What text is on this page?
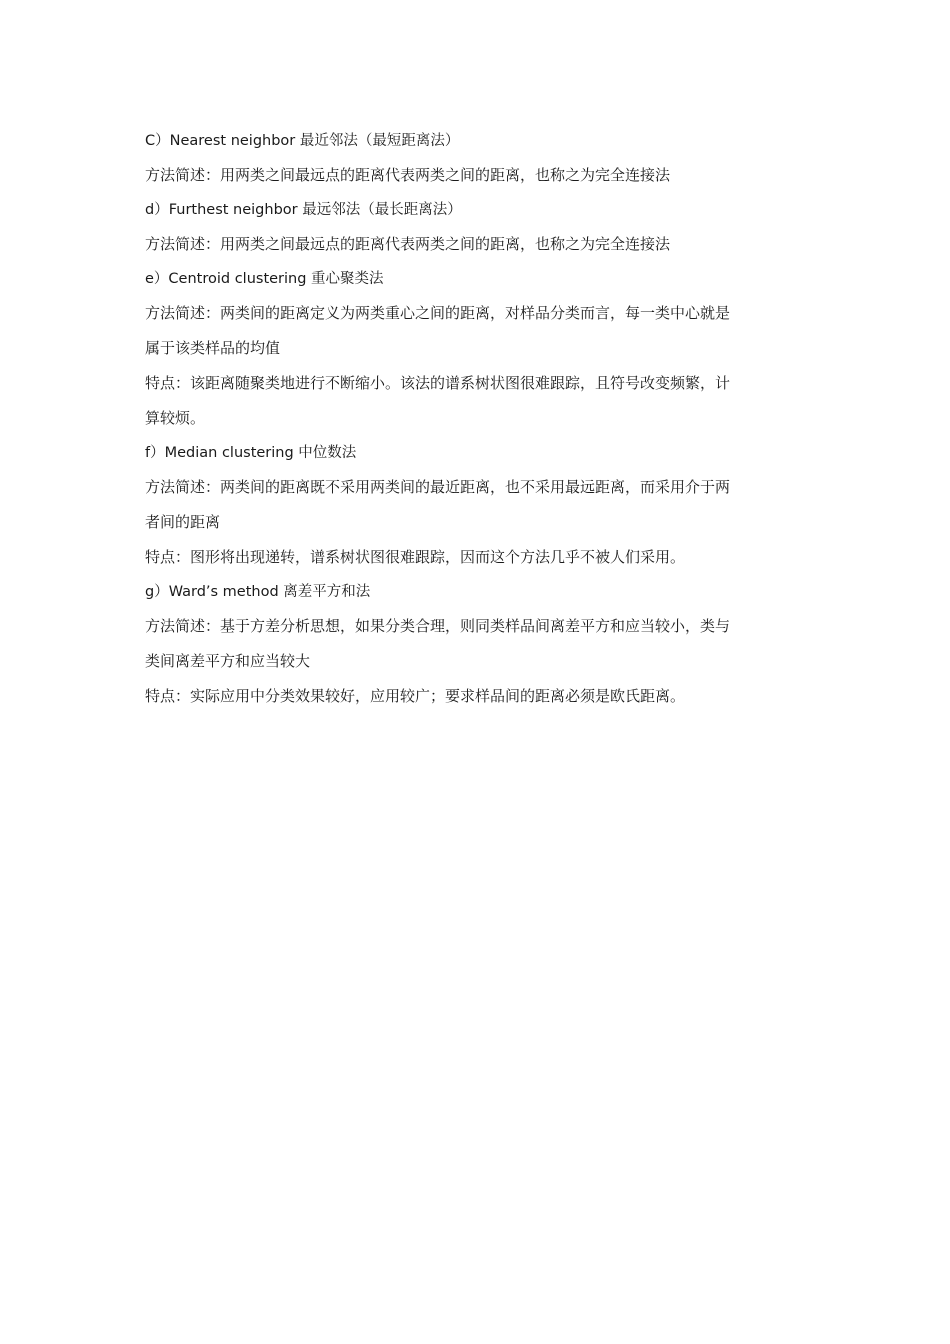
C）Nearest neighbor 最近邻法（最短距离法）

方法简述：用两类之间最远点的距离代表两类之间的距离，也称之为完全连接法

d）Furthest neighbor 最远邻法（最长距离法）

方法简述：用两类之间最远点的距离代表两类之间的距离，也称之为完全连接法

e）Centroid clustering 重心聚类法

方法简述：两类间的距离定义为两类重心之间的距离，对样品分类而言，每一类中心就是

属于该类样品的均值

特点：该距离随聚类地进行不断缩小。该法的谱系树状图很难跟踪，且符号改变频繁，计

算较烦。

f）Median clustering 中位数法

方法简述：两类间的距离既不采用两类间的最近距离，也不采用最远距离，而采用介于两

者间的距离

特点：图形将出现递转，谱系树状图很难跟踪，因而这个方法几乎不被人们采用。

g）Ward’s method 离差平方和法

方法简述：基于方差分析思想，如果分类合理，则同类样品间离差平方和应当较小，类与

类间离差平方和应当较大

特点：实际应用中分类效果较好，应用较广；要求样品间的距离必须是欧氏距离。
